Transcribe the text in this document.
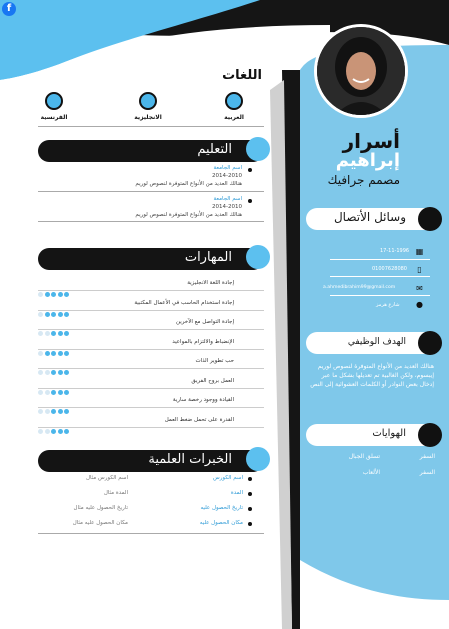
f
أسرار
إبراهيم
مصمم جرافيك
اللغات
العربية
الانجليزية
الفرنسية
التعليم
اسم الجامعة
2014-2010
هنالك العديد من الأنواع المتوفرة لنصوص لوريم
اسم الجامعة
2014-2010
هنالك العديد من الأنواع المتوفرة لنصوص لوريم
المهارات
إجادة اللغة الانجليزية
إجادة استخدام الحاسب في الأعمال المكتبية
إجادة التواصل مع الآخرين
الإنضباط والالتزام بالمواعيد
حب تطوير الذات
العمل بروح الفريق
القيادة ووجود رخصة سارية
القدرة على تحمل ضغط العمل
الخبرات العلمية
اسم الكورس
اسم الكورس مثال
المدة
المدة مثال
تاريخ الحصول عليه
تاريخ الحصول عليه مثال
مكان الحصول عليه
مكان الحصول عليه مثال
وسائل الأتصال
▦
17-11-1996
▯
01007628080
✉
a.ahmedibrahim99@gmail.com
●
شارع هرمز
الهدف الوظيفي
هنالك العديد من الأنواع المتوفرة لنصوص لوريم إيبسوم، ولكن الغالبية تم تعديلها بشكل ما عبر إدخال بعض النوادر أو الكلمات العشوائية إلى النص
الهوايات
السفر
تسلق الجبال
السفر
الألعاب
